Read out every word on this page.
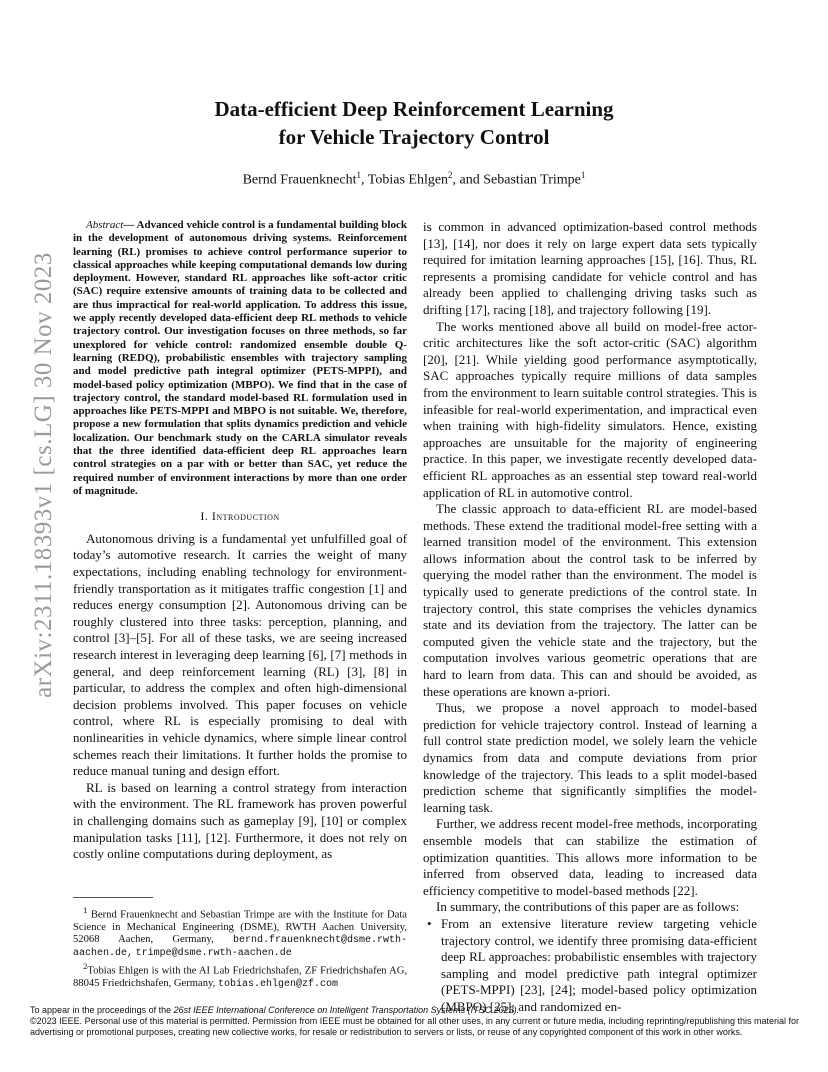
arXiv:2311.18393v1 [cs.LG] 30 Nov 2023
Data-efficient Deep Reinforcement Learning
for Vehicle Trajectory Control
Bernd Frauenknecht$^1$, Tobias Ehlgen$^2$, and Sebastian Trimpe$^1$
Abstract— Advanced vehicle control is a fundamental building block in the development of autonomous driving systems. Reinforcement learning (RL) promises to achieve control performance superior to classical approaches while keeping computational demands low during deployment. However, standard RL approaches like soft-actor critic (SAC) require extensive amounts of training data to be collected and are thus impractical for real-world application. To address this issue, we apply recently developed data-efficient deep RL methods to vehicle trajectory control. Our investigation focuses on three methods, so far unexplored for vehicle control: randomized ensemble double Q-learning (REDQ), probabilistic ensembles with trajectory sampling and model predictive path integral optimizer (PETS-MPPI), and model-based policy optimization (MBPO). We find that in the case of trajectory control, the standard model-based RL formulation used in approaches like PETS-MPPI and MBPO is not suitable. We, therefore, propose a new formulation that splits dynamics prediction and vehicle localization. Our benchmark study on the CARLA simulator reveals that the three identified data-efficient deep RL approaches learn control strategies on a par with or better than SAC, yet reduce the required number of environment interactions by more than one order of magnitude.
I. Introduction

Autonomous driving is a fundamental yet unfulfilled goal of today’s automotive research. It carries the weight of many expectations, including enabling technology for environment-friendly transportation as it mitigates traffic congestion [1] and reduces energy consumption [2]. Autonomous driving can be roughly clustered into three tasks: perception, planning, and control [3]–[5]. For all of these tasks, we are seeing increased research interest in leveraging deep learning [6], [7] methods in general, and deep reinforcement learning (RL) [3], [8] in particular, to address the complex and often high-dimensional decision problems involved. This paper focuses on vehicle control, where RL is especially promising to deal with nonlinearities in vehicle dynamics, where simple linear control schemes reach their limitations. It further holds the promise to reduce manual tuning and design effort.

RL is based on learning a control strategy from interaction with the environment. The RL framework has proven powerful in challenging domains such as gameplay [9], [10] or complex manipulation tasks [11], [12]. Furthermore, it does not rely on costly online computations during deployment, as

$^1$ Bernd Frauenknecht and Sebastian Trimpe are with the Institute for Data Science in Mechanical Engineering (DSME), RWTH Aachen University, 52068 Aachen, Germany, bernd.frauenknecht@dsme.rwth-aachen.de, trimpe@dsme.rwth-aachen.de

$^2$Tobias Ehlgen is with the AI Lab Friedrichshafen, ZF Friedrichshafen AG, 88045 Friedrichshafen, Germany, tobias.ehlgen@zf.com

is common in advanced optimization-based control methods [13], [14], nor does it rely on large expert data sets typically required for imitation learning approaches [15], [16]. Thus, RL represents a promising candidate for vehicle control and has already been applied to challenging driving tasks such as drifting [17], racing [18], and trajectory following [19].

The works mentioned above all build on model-free actor-critic architectures like the soft actor-critic (SAC) algorithm [20], [21]. While yielding good performance asymptotically, SAC approaches typically require millions of data samples from the environment to learn suitable control strategies. This is infeasible for real-world experimentation, and impractical even when training with high-fidelity simulators. Hence, existing approaches are unsuitable for the majority of engineering practice. In this paper, we investigate recently developed data-efficient RL approaches as an essential step toward real-world application of RL in automotive control.

The classic approach to data-efficient RL are model-based methods. These extend the traditional model-free setting with a learned transition model of the environment. This extension allows information about the control task to be inferred by querying the model rather than the environment. The model is typically used to generate predictions of the control state. In trajectory control, this state comprises the vehicles dynamics state and its deviation from the trajectory. The latter can be computed given the vehicle state and the trajectory, but the computation involves various geometric operations that are hard to learn from data. This can and should be avoided, as these operations are known a-priori.

Thus, we propose a novel approach to model-based prediction for vehicle trajectory control. Instead of learning a full control state prediction model, we solely learn the vehicle dynamics from data and compute deviations from prior knowledge of the trajectory. This leads to a split model-based prediction scheme that significantly simplifies the model-learning task.

Further, we address recent model-free methods, incorporating ensemble models that can stabilize the estimation of optimization quantities. This allows more information to be inferred from observed data, leading to increased data efficiency competitive to model-based methods [22].

In summary, the contributions of this paper are as follows:

• From an extensive literature review targeting vehicle trajectory control, we identify three promising data-efficient deep RL approaches: probabilistic ensembles with trajectory sampling and model predictive path integral optimizer (PETS-MPPI) [23], [24]; model-based policy optimization (MBPO) [25]; and randomized en-

To appear in the proceedings of the 26st IEEE International Conference on Intelligent Transportation Systems (ITSC 2023).

©2023 IEEE. Personal use of this material is permitted. Permission from IEEE must be obtained for all other uses, in any current or future media, including reprinting/republishing this material for advertising or promotional purposes, creating new collective works, for resale or redistribution to servers or lists, or reuse of any copyrighted component of this work in other works.
